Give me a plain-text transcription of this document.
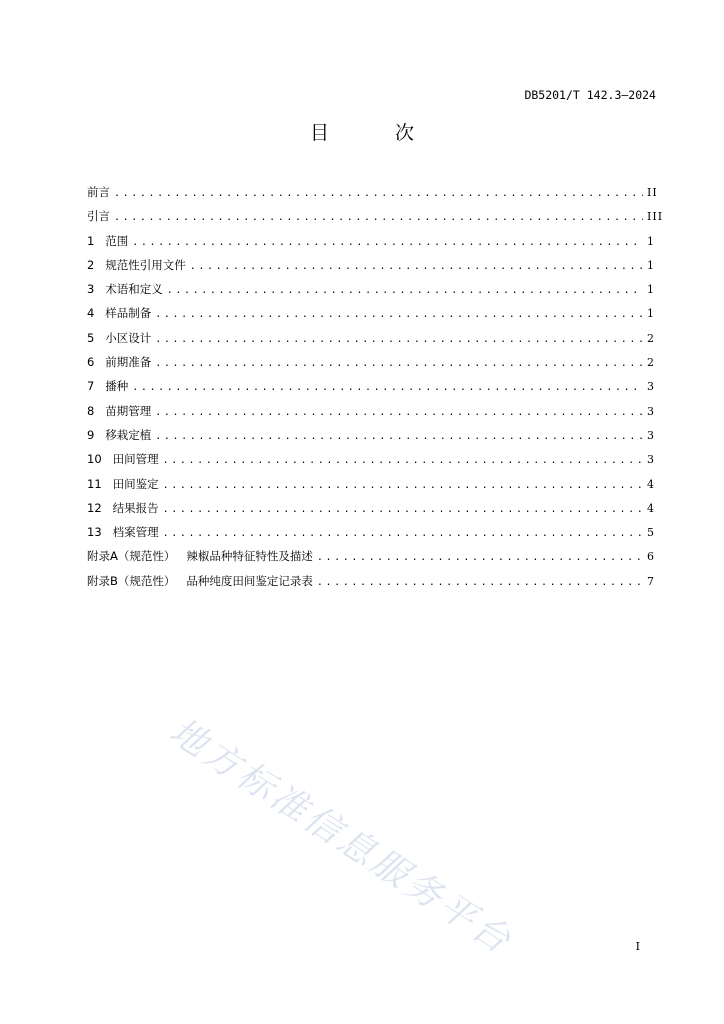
DB5201/T 142.3—2024
目 次
前言 .....	II
引言 .....	III
1 范围 .....	1
2 规范性引用文件 .....	1
3 术语和定义 .....	1
4 样品制备 .....	1
5 小区设计 .....	2
6 前期准备 .....	2
7 播种 .....	3
8 苗期管理 .....	3
9 移栽定植 .....	3
10 田间管理 .....	3
11 田间鉴定 .....	4
12 结果报告 .....	4
13 档案管理 .....	5
附录A（规范性） 辣椒品种特征特性及描述 .....	6
附录B（规范性） 品种纯度田间鉴定记录表 .....	7
地方标准信息服务平台	I
